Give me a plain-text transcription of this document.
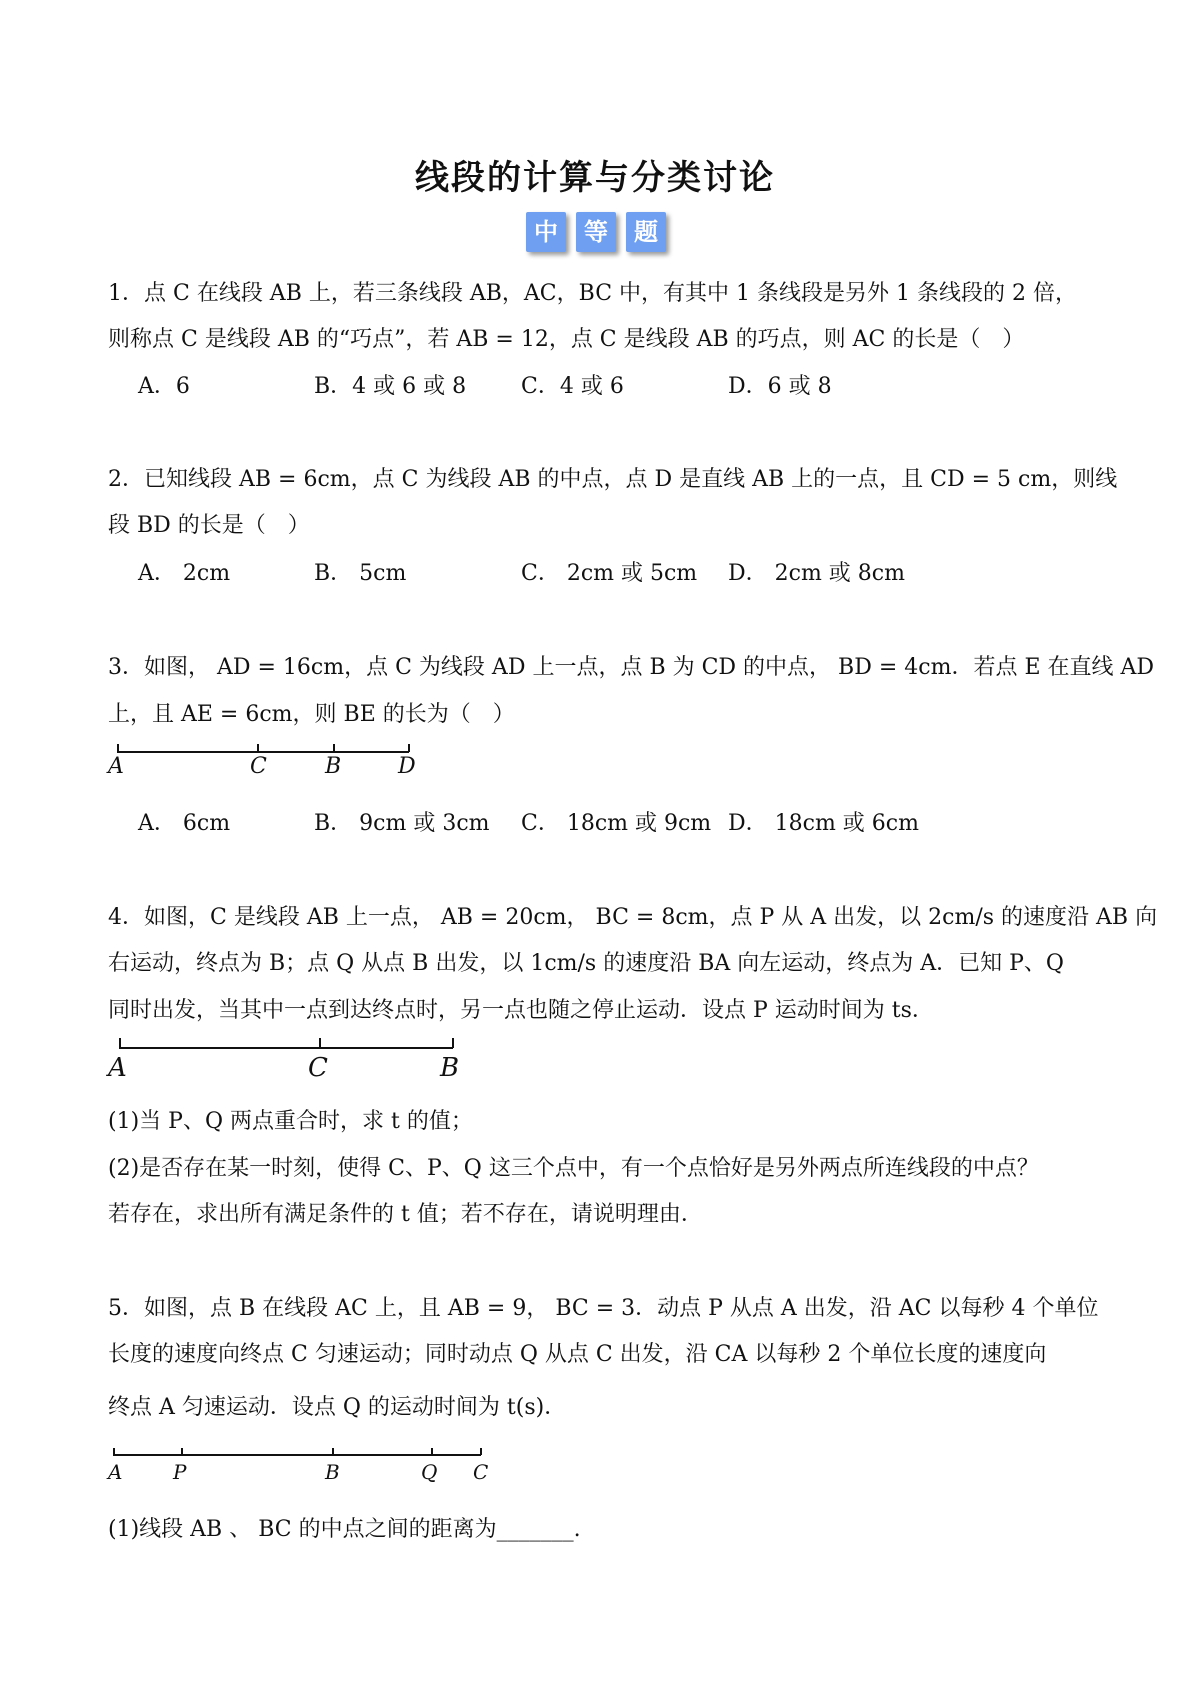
线段的计算与分类讨论
中	等	题
1．点 C 在线段 AB 上，若三条线段 AB，AC，BC 中，有其中 1 条线段是另外 1 条线段的 2 倍，
则称点 C 是线段 AB 的“巧点”，若 AB = 12，点 C 是线段 AB 的巧点，则 AC 的长是（　）
A．6	B．4 或 6 或 8 C．4 或 6	D．6 或 8
2．已知线段 AB = 6cm，点 C 为线段 AB 的中点，点 D 是直线 AB 上的一点，且 CD = 5 cm，则线
段 BD 的长是（　）
A． 2cm	B． 5cm	C． 2cm 或 5cm D． 2cm 或 8cm
3．如图， AD = 16cm，点 C 为线段 AD 上一点，点 B 为 CD 的中点， BD = 4cm．若点 E 在直线 AD
上，且 AE = 6cm，则 BE 的长为（　）
A	C	B	D
A． 6cm	B． 9cm 或 3cm C． 18cm 或 9cm D． 18cm 或 6cm
4．如图，C 是线段 AB 上一点， AB = 20cm， BC = 8cm，点 P 从 A 出发，以 2cm/s 的速度沿 AB 向
右运动，终点为 B；点 Q 从点 B 出发，以 1cm/s 的速度沿 BA 向左运动，终点为 A．已知 P、Q
同时出发，当其中一点到达终点时，另一点也随之停止运动．设点 P 运动时间为 ts．
A	C	B
(1)当 P、Q 两点重合时，求 t 的值；
(2)是否存在某一时刻，使得 C、P、Q 这三个点中，有一个点恰好是另外两点所连线段的中点？
若存在，求出所有满足条件的 t 值；若不存在，请说明理由．
5．如图，点 B 在线段 AC 上，且 AB = 9， BC = 3．动点 P 从点 A 出发，沿 AC 以每秒 4 个单位
长度的速度向终点 C 匀速运动；同时动点 Q 从点 C 出发，沿 CA 以每秒 2 个单位长度的速度向
终点 A 匀速运动．设点 Q 的运动时间为 t(s)．
A	P	B	Q C
(1)线段 AB 、 BC 的中点之间的距离为_______.
